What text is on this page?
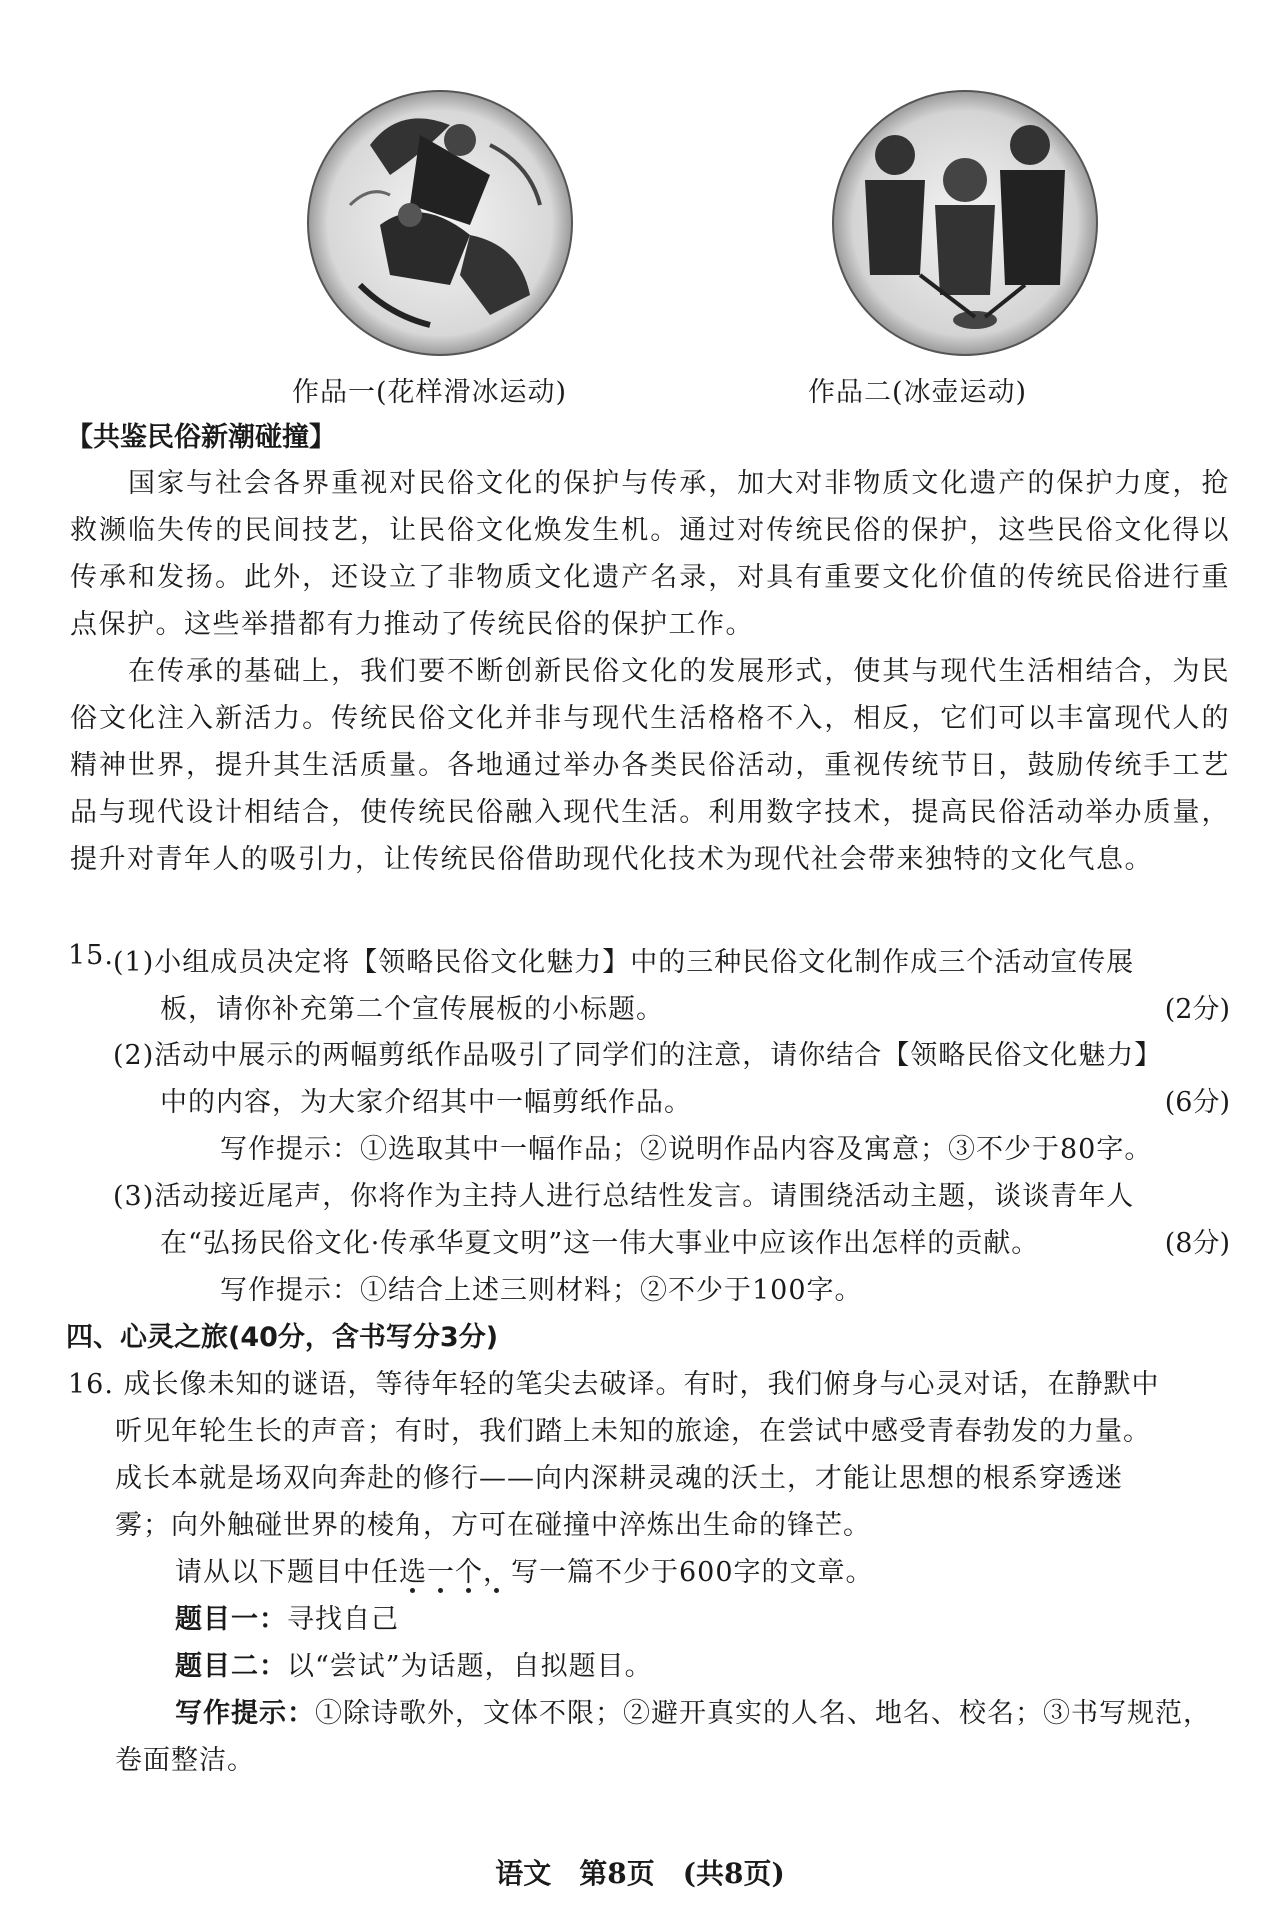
作品一(花样滑冰运动)	作品二(冰壶运动)
【共鉴民俗新潮碰撞】
国家与社会各界重视对民俗文化的保护与传承，加大对非物质文化遗产的保护力度，抢救濒临失传的民间技艺，让民俗文化焕发生机。通过对传统民俗的保护，这些民俗文化得以传承和发扬。此外，还设立了非物质文化遗产名录，对具有重要文化价值的传统民俗进行重点保护。这些举措都有力推动了传统民俗的保护工作。
在传承的基础上，我们要不断创新民俗文化的发展形式，使其与现代生活相结合，为民俗文化注入新活力。传统民俗文化并非与现代生活格格不入，相反，它们可以丰富现代人的精神世界，提升其生活质量。各地通过举办各类民俗活动，重视传统节日，鼓励传统手工艺品与现代设计相结合，使传统民俗融入现代生活。利用数字技术，提高民俗活动举办质量，提升对青年人的吸引力，让传统民俗借助现代化技术为现代社会带来独特的文化气息。
15. (1)小组成员决定将【领略民俗文化魅力】中的三种民俗文化制作成三个活动宣传展
板，请你补充第二个宣传展板的小标题。	(2分)
(2)活动中展示的两幅剪纸作品吸引了同学们的注意，请你结合【领略民俗文化魅力】
中的内容，为大家介绍其中一幅剪纸作品。	(6分)
写作提示：①选取其中一幅作品；②说明作品内容及寓意；③不少于80字。
(3)活动接近尾声，你将作为主持人进行总结性发言。请围绕活动主题，谈谈青年人
在“弘扬民俗文化·传承华夏文明”这一伟大事业中应该作出怎样的贡献。	(8分)
写作提示：①结合上述三则材料；②不少于100字。
四、心灵之旅(40分，含书写分3分)
16. 成长像未知的谜语，等待年轻的笔尖去破译。有时，我们俯身与心灵对话，在静默中
听见年轮生长的声音；有时，我们踏上未知的旅途，在尝试中感受青春勃发的力量。
成长本就是场双向奔赴的修行——向内深耕灵魂的沃土，才能让思想的根系穿透迷
雾；向外触碰世界的棱角，方可在碰撞中淬炼出生命的锋芒。
请从以下题目中任选一个，写一篇不少于600字的文章。
题目一：寻找自己
题目二：以“尝试”为话题，自拟题目。
写作提示：①除诗歌外，文体不限；②避开真实的人名、地名、校名；③书写规范，
卷面整洁。
语文　第8页　(共8页)
